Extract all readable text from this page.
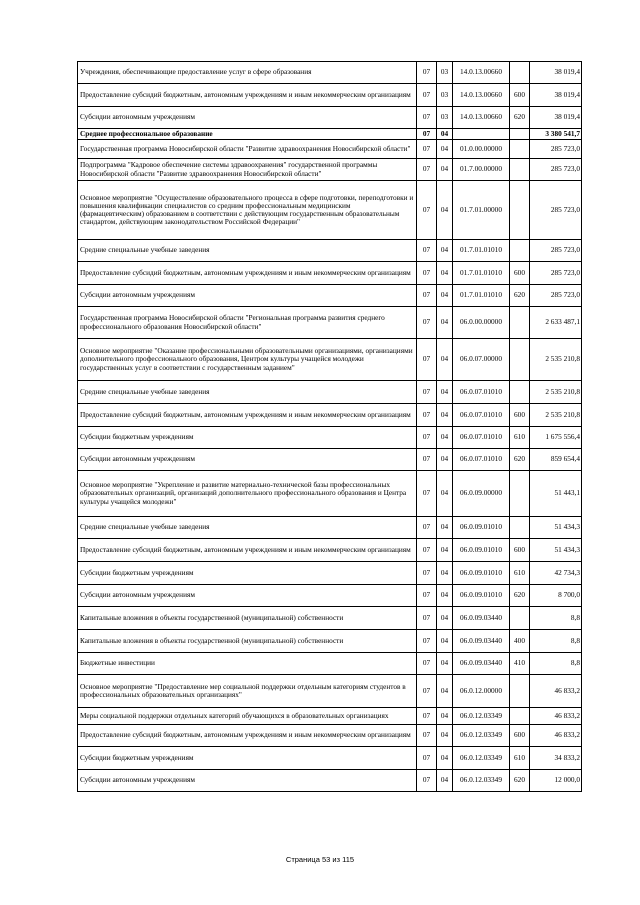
Учреждения, обеспечивающие предоставление услуг в сфере образования	07	03	14.0.13.00660		38 019,4
Предоставление субсидий бюджетным, автономным учреждениям и иным некоммерческим организациям	07	03	14.0.13.00660	600	38 019,4
Субсидии автономным учреждениям	07	03	14.0.13.00660	620	38 019,4
Среднее профессиональное образование	07	04			3 380 541,7
Государственная программа Новосибирской области "Развитие здравоохранения Новосибирской области"	07	04	01.0.00.00000		285 723,0
Подпрограмма "Кадровое обеспечение системы здравоохранения" государственной программы Новосибирской области "Развитие здравоохранения Новосибирской области"	07	04	01.7.00.00000		285 723,0
Основное мероприятие "Осуществление образовательного процесса в сфере подготовки, переподготовки и повышения квалификации специалистов со средним профессиональным медицинским (фармацевтическим) образованием в соответствии с действующим государственным образовательным стандартом, действующим законодательством Российской Федерации"	07	04	01.7.01.00000		285 723,0
Средние специальные учебные заведения	07	04	01.7.01.01010		285 723,0
Предоставление субсидий бюджетным, автономным учреждениям и иным некоммерческим организациям	07	04	01.7.01.01010	600	285 723,0
Субсидии автономным учреждениям	07	04	01.7.01.01010	620	285 723,0
Государственная программа Новосибирской области "Региональная программа развития среднего профессионального образования Новосибирской области"	07	04	06.0.00.00000		2 633 487,1
Основное мероприятие "Оказание профессиональными образовательными организациями, организациями дополнительного профессионального образования, Центром культуры учащейся молодежи государственных услуг в соответствии с государственным заданием"	07	04	06.0.07.00000		2 535 210,8
Средние специальные учебные заведения	07	04	06.0.07.01010		2 535 210,8
Предоставление субсидий бюджетным, автономным учреждениям и иным некоммерческим организациям	07	04	06.0.07.01010	600	2 535 210,8
Субсидии бюджетным учреждениям	07	04	06.0.07.01010	610	1 675 556,4
Субсидии автономным учреждениям	07	04	06.0.07.01010	620	859 654,4
Основное мероприятие "Укрепление и развитие материально-технической базы профессиональных образовательных организаций, организаций дополнительного профессионального образования и Центра культуры учащейся молодежи"	07	04	06.0.09.00000		51 443,1
Средние специальные учебные заведения	07	04	06.0.09.01010		51 434,3
Предоставление субсидий бюджетным, автономным учреждениям и иным некоммерческим организациям	07	04	06.0.09.01010	600	51 434,3
Субсидии бюджетным учреждениям	07	04	06.0.09.01010	610	42 734,3
Субсидии автономным учреждениям	07	04	06.0.09.01010	620	8 700,0
Капитальные вложения в объекты государственной (муниципальной) собственности	07	04	06.0.09.03440		8,8
Капитальные вложения в объекты государственной (муниципальной) собственности	07	04	06.0.09.03440	400	8,8
Бюджетные инвестиции	07	04	06.0.09.03440	410	8,8
Основное мероприятие "Предоставление мер социальной поддержки отдельным категориям студентов в профессиональных образовательных организациях"	07	04	06.0.12.00000		46 833,2
Меры социальной поддержки отдельных категорий обучающихся в образовательных организациях	07	04	06.0.12.03349		46 833,2
Предоставление субсидий бюджетным, автономным учреждениям и иным некоммерческим организациям	07	04	06.0.12.03349	600	46 833,2
Субсидии бюджетным учреждениям	07	04	06.0.12.03349	610	34 833,2
Субсидии автономным учреждениям	07	04	06.0.12.03349	620	12 000,0
Страница 53 из 115
